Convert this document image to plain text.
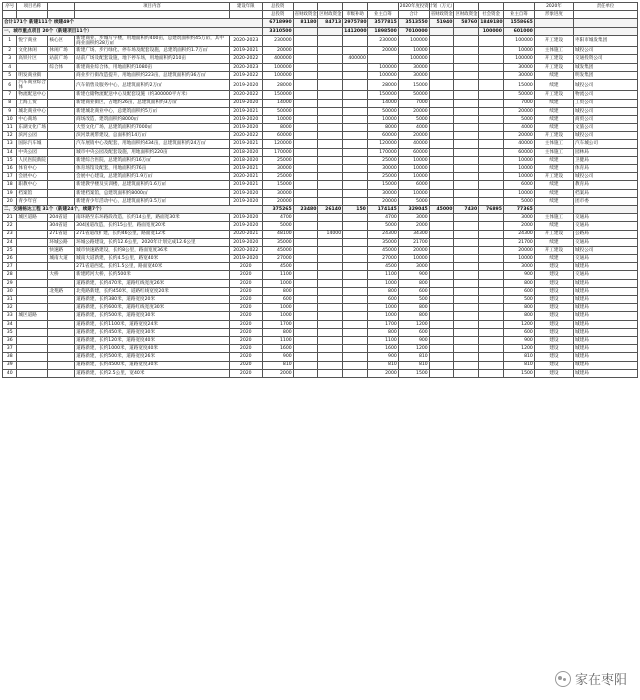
序号	项目名称		项目内容	建设年限	总投资					2020年度投资计划（万元）					2020年	责任单位
					总投资	省财政资金	区财政资金	市级补助	业主自筹	合计	省财政资金	区财政资金	社会资金	业主自筹	形象进度	
合计171个 新建111个 续建49个					6718990	81180	84713	2975780	3577815	3513550	51940	58760	1849180	1558665		
一、城市重点项目 20个（新建项目11个）					3310500			1412000	1898500	7010000			100000	601000		
1	悦宁商业	核心区	新建商业、步城写字楼，用地面积约400亩，总建筑面积约45万㎡，其中商业面积约28万㎡	2020-2023	230000				230000	100000				100000	开工建设	枣阳市城发集团
2	文化休闲	休闲广场	新建广场、步行绿化、停车场及配套设施，总建筑面积约1.7万㎡	2019-2021	20000				20000	10000				10000	主体施工	城投公司
3	高铁片区	站前广场	站前广场及配套设施，地下停车场，用地面积约210亩	2020-2022	400000			400000		100000				100000	开工建设	交通投资公司
4		综合体	新建商业综合体，用地面积约1080亩	2020-2023	100000				100000	30000				30000	开工建设	城发集团
5	明发商业街		商业步行街改造提升，用地面积约223亩，总建筑面积约36万㎡	2019-2022	100000				100000	30000				30000	续建	明发集团
6	汽车商业综合体		汽车销售及服务中心，总建筑面积约2万㎡	2019-2020	28000				28000	15000				15000	续建	城投公司
7	物流配送中心		新建仓储物流配送中心及配套设施（约300000平方米）	2020-2022	150000				150000	50000				50000	开工建设	物流公司
8	上海工贸		新建商业街区，占地约26亩，总建筑面积约3万㎡	2019-2020	14000				14000	7000				7000	续建	工贸公司
9	城北商业中心		新建城北商业中心，总建筑面积约5万㎡	2019-2021	50000				50000	20000				20000	续建	城投公司
10	中心商场		商场改造，建筑面积约8000㎡	2019-2020	10000				10000	5000				5000	续建	商贸公司
11	东湖文化广场		大型文化广场，总建筑面积约7000㎡	2019-2020	8000				8000	4000				4000	续建	文旅公司
12	滨河公园		滨河景观带建设，总面积约14万㎡	2020-2022	60000				60000	20000				20000	开工建设	城投公司
13	国际汽车城		汽车展销中心及配套，用地面积约434亩，总建筑面积约24万㎡	2019-2021	120000				120000	40000				40000	主体施工	汽车城公司
14	中央公园		城市中央公园及配套设施，用地面积约220亩	2018-2020	170000				170000	60000				60000	主体施工	园林局
15	人民医院新院		新建综合医院，总建筑面积约16万㎡	2018-2020	25000				25000	10000				10000	续建	卫健局
16	体育中心		体育场馆及配套，用地面积约76亩	2019-2021	30000				30000	10000				10000	续建	体育局
17	会展中心		会展中心建设，总建筑面积约1.9万㎡	2020-2021	25000				25000	10000				10000	开工建设	城投公司
18	职教中心		新建教学楼及实训楼，总建筑面积约1.6万㎡	2019-2021	15000				15000	6000				6000	续建	教育局
19	档案馆		新建档案馆，总建筑面积约8000㎡	2019-2020	30000				30000	10000				10000	续建	档案局
20	青少年宫		新建青少年活动中心，总建筑面积约3.5万㎡	2019-2020	20000				20000	5000				5000	续建	团市委
二、交通畅达工程 31个（新建24个，续建7个）					375265	23480	26140	150	174145	329045	45000	7430	76895	77365		
21	城区道路	204省道	南环路至东环路段改造，长约14公里，路面宽30米	2019-2020	4700				4700	3000				3000	主体施工	交通局
22		304省道	304国道改造，长约15公里，路面宽度20米	2019-2020	5000				5000	2000				2000	续建	交通局
23		271省道	271省道改扩建，长约46公里，路面宽12米	2020-2021	48100		14000		24300	34300				24300	开工建设	公路局
24		环城公路	环城公路建设，长约12.6公里，2020年计划完成12.6公里	2019-2020	35000				35000	21700				21700	续建	交通局
25		快速路	城市快速路建设，长约8公里，路面宽度36米	2020-2022	45000				45000	20000				20000	开工建设	城投公司
26		城南大道	城南大道新建，长约4.5公里，路宽40米	2019-2020	27000				27000	10000				10000	续建	交通局
27			271省道西延，长约1.5公里，路面宽40米	2020	4500				4500	3000				3000	建设	城建局
28		大桥	新建跨河大桥，长约500米	2020	1100				1100	900				900	建设	交通局
29			道路新建，长约470米，道路红线宽度26米	2020	1000				1000	800				800	建设	城建局
30		北苑路	北苑路新建，长约450米，道路红线宽度20米	2020	800				800	600				600	建设	城建局
31			道路新建，长约380米，道路宽度20米	2020	600				600	500				500	建设	城建局
32			道路新建，长约600米，道路红线宽度30米	2020	1000				1000	800				800	建设	城建局
33	城区道路		道路新建，长约500米，道路宽度30米	2020	1000				1000	800				800	建设	城建局
34			道路新建，长约1100米，道路宽度24米	2020	1700				1700	1200				1200	建设	城建局
35			道路新建，长约450米，道路宽度30米	2020	800				800	600				600	建设	城建局
36			道路新建，长约120米，道路宽度40米	2020	1100				1100	900				900	建设	城建局
37			道路新建，长约1000米，道路宽度40米	2020	1600				1600	1200				1200	建设	城建局
38			道路新建，长约500米，道路宽度26米	2020	900				900	810				810	建设	城建局
39			道路新建，长约4500米，道路宽度30米	2020	810				810	810				810	建设	城建局
40			道路新建，长约2.5公里，宽40米	2020	2000				2000	1500				1500	建设	城建局
家在枣阳
